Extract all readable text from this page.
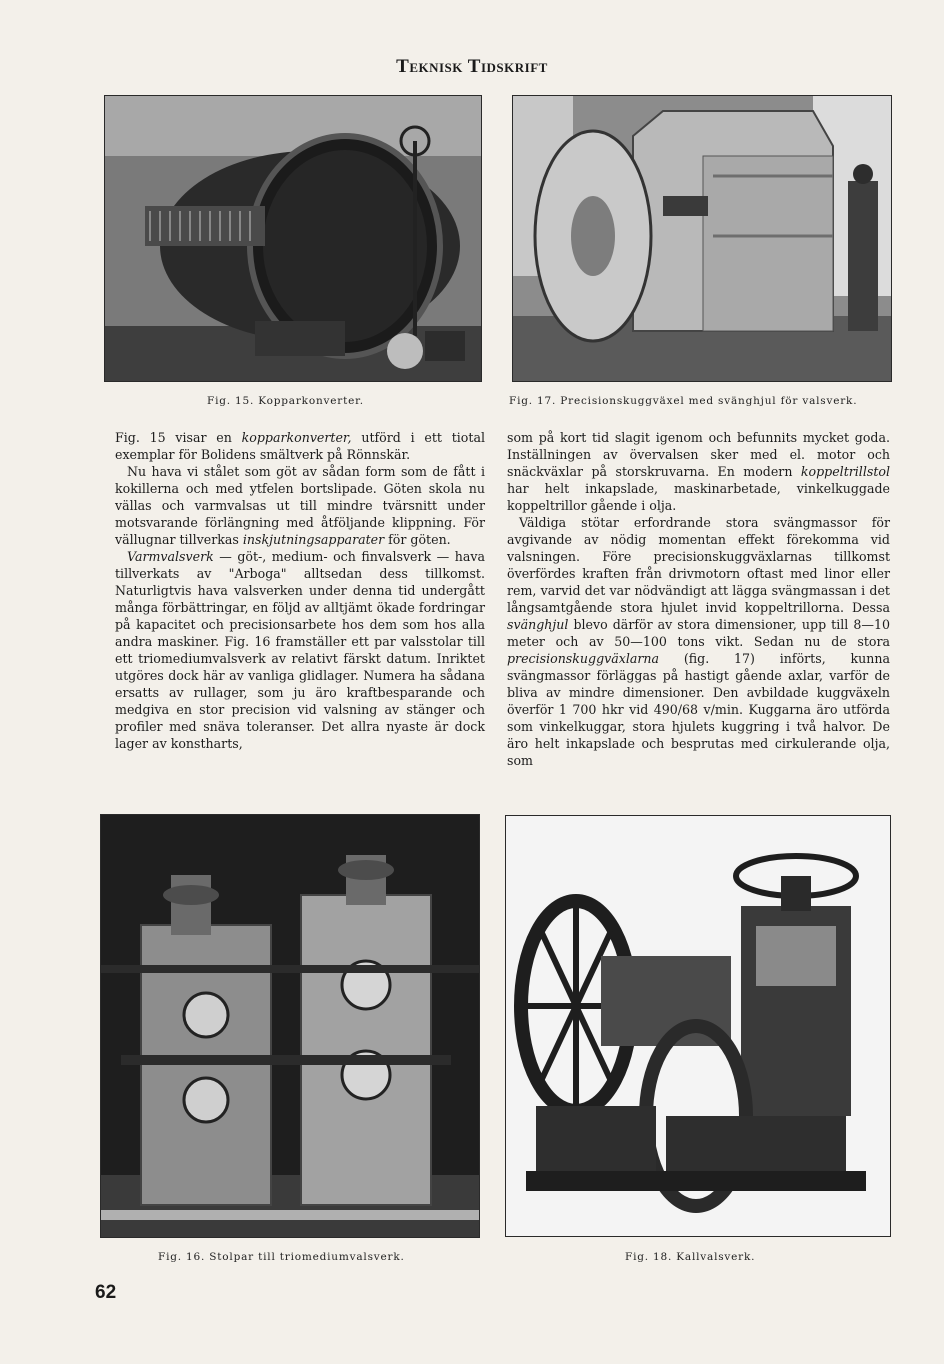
Teknisk Tidskrift
Fig. 15. Kopparkonverter.	Fig. 17. Precisionskuggväxel med svänghjul för valsverk.

Fig. 15 visar en kopparkonverter, utförd i ett tiotal exemplar för Bolidens smältverk på Rönnskär.

Nu hava vi stålet som göt av sådan form som de fått i kokillerna och med ytfelen bortslipade. Göten skola nu vällas och varmvalsas ut till mindre tvärsnitt under motsvarande förlängning med åtföljande klippning. För vällugnar tillverkas inskjutningsapparater för göten.

Varmvalsverk — göt-, medium- och finvalsverk — hava tillverkats av "Arboga" alltsedan dess tillkomst. Naturligtvis hava valsverken under denna tid undergått många förbättringar, en följd av alltjämt ökade fordringar på kapacitet och precisionsarbete hos dem som hos alla andra maskiner. Fig. 16 framställer ett par valsstolar till ett triomediumvalsverk av relativt färskt datum. Inriktet utgöres dock här av vanliga glidlager. Numera ha sådana ersatts av rullager, som ju äro kraftbesparande och medgiva en stor precision vid valsning av stänger och profiler med snäva toleranser. Det allra nyaste är dock lager av konstharts,

som på kort tid slagit igenom och befunnits mycket goda. Inställningen av övervalsen sker med el. motor och snäckväxlar på storskruvarna. En modern koppeltrillstol har helt inkapslade, maskinarbetade, vinkelkuggade koppeltrillor gående i olja.

Väldiga stötar erfordrande stora svängmassor för avgivande av nödig momentan effekt förekomma vid valsningen. Före precisionskuggväxlarnas tillkomst överfördes kraften från drivmotorn oftast med linor eller rem, varvid det var nödvändigt att lägga svängmassan i det långsamtgående stora hjulet invid koppeltrillorna. Dessa svänghjul blevo därför av stora dimensioner, upp till 8—10 meter och av 50—100 tons vikt. Sedan nu de stora precisionskuggväxlarna (fig. 17) införts, kunna svängmassor förläggas på hastigt gående axlar, varför de bliva av mindre dimensioner. Den avbildade kuggväxeln överför 1 700 hkr vid 490/68 v/min. Kuggarna äro utförda som vinkelkuggar, stora hjulets kuggring i två halvor. De äro helt inkapslade och besprutas med cirkulerande olja, som

Fig. 16. Stolpar till triomediumvalsverk.	Fig. 18. Kallvalsverk.
62
